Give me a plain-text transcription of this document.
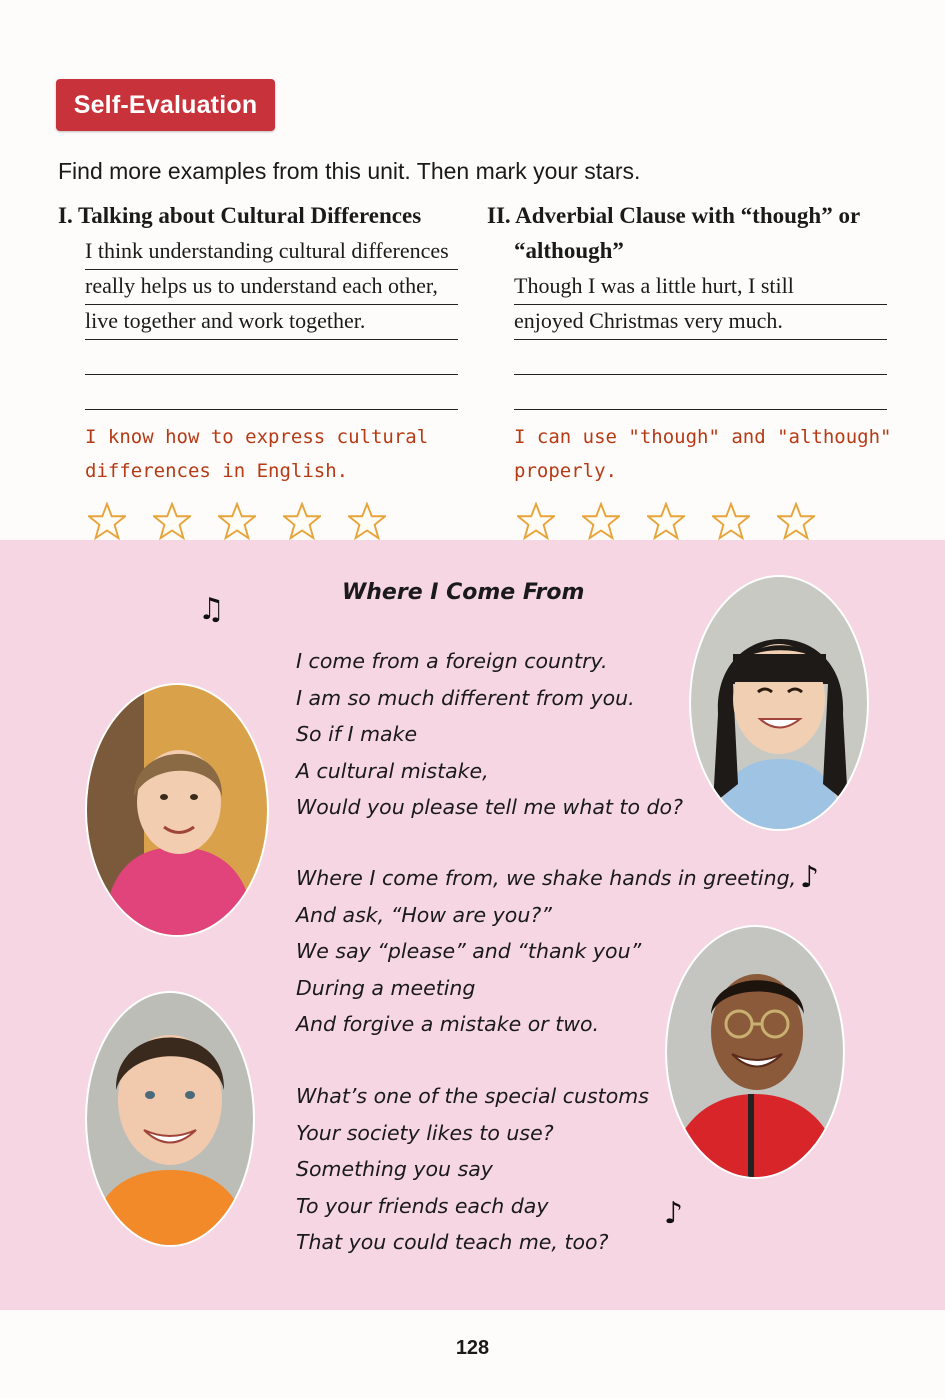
Self-Evaluation
Find more examples from this unit. Then mark your stars.

I. Talking about Cultural Differences

I think understanding cultural differences
really helps us to understand each other,
live together and work together.
I know how to express cultural
differences in English.

II. Adverbial Clause with “though” or
“although”

Though I was a little hurt, I still
enjoyed Christmas very much.
I can use "though" and "although"
properly.
♫
♪
♪
Where I Come From
I come from a foreign country.
I am so much different from you.
So if I make
A cultural mistake,
Would you please tell me what to do?
Where I come from, we shake hands in greeting,
And ask, “How are you?”
We say “please” and “thank you”
During a meeting
And forgive a mistake or two.
What’s one of the special customs
Your society likes to use?
Something you say
To your friends each day
That you could teach me, too?
128
